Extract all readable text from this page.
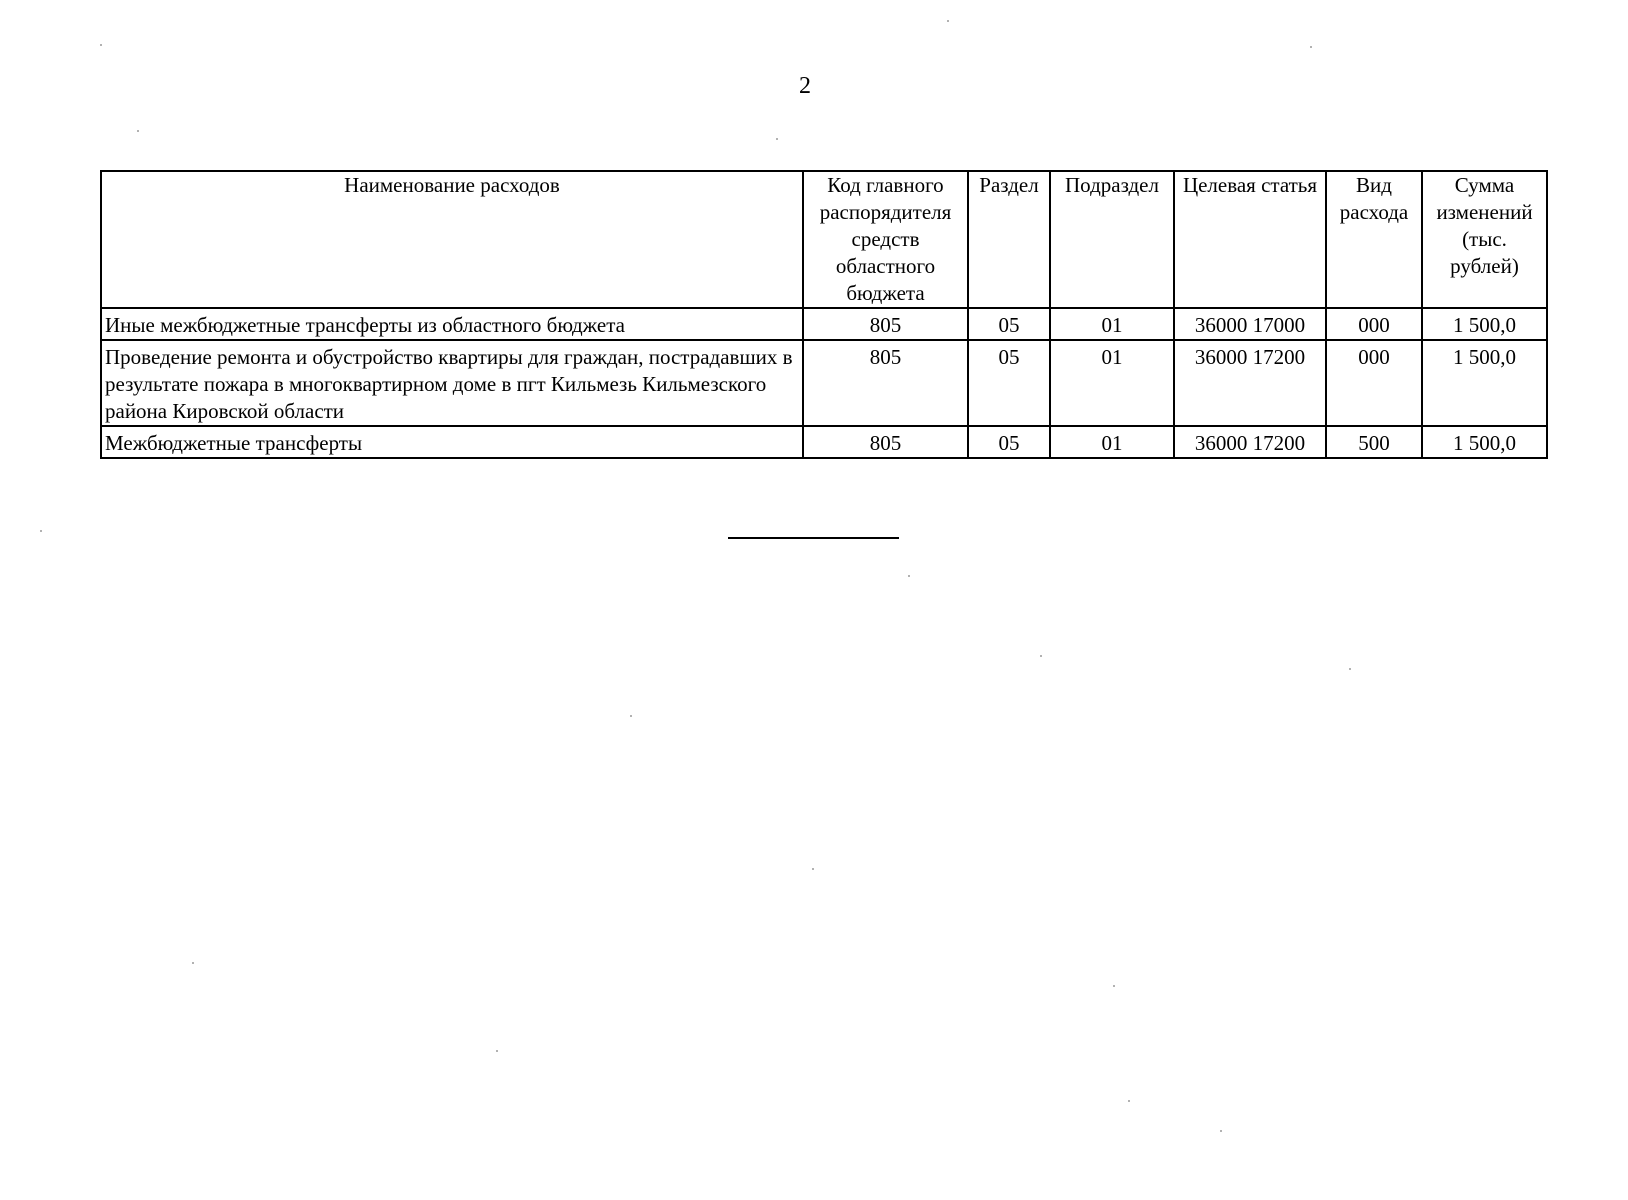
2
Наименование расходов	Код главного распорядителя средств областного бюджета	Раздел	Подраздел	Целевая статья	Вид расхода	Сумма изменений (тыс. рублей)
Иные межбюджетные трансферты из областного бюджета	805	05	01	36000 17000	000	1 500,0
Проведение ремонта и обустройство квартиры для граждан, пострадавших в результате пожара в многоквартирном доме в пгт Кильмезь Кильмезского района Кировской области	805	05	01	36000 17200	000	1 500,0
Межбюджетные трансферты	805	05	01	36000 17200	500	1 500,0
